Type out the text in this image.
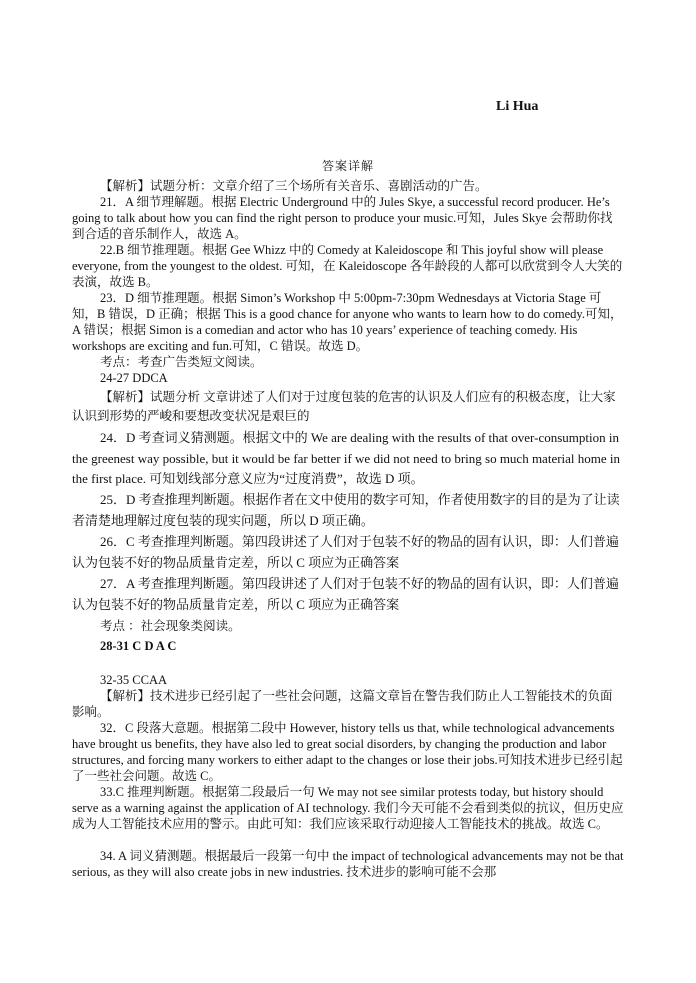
Li Hua
答案详解

【解析】试题分析：文章介绍了三个场所有关音乐、喜剧活动的广告。

21．A 细节理解题。根据 Electric Underground 中的 Jules Skye, a successful record producer. He’s going to talk about how you can find the right person to produce your music.可知，Jules Skye 会帮助你找到合适的音乐制作人，故选 A。

22.B 细节推理题。根据 Gee Whizz 中的 Comedy at Kaleidoscope 和 This joyful show will please everyone, from the youngest to the oldest. 可知，在 Kaleidoscope 各年龄段的人都可以欣赏到令人大笑的表演，故选 B。

23．D 细节推理题。根据 Simon’s Workshop 中 5:00pm-7:30pm Wednesdays at Victoria Stage 可知，B 错误，D 正确；根据 This is a good chance for anyone who wants to learn how to do comedy.可知，A 错误；根据 Simon is a comedian and actor who has 10 years’ experience of teaching comedy. His workshops are exciting and fun.可知，C 错误。故选 D。

考点：考查广告类短文阅读。

24-27 DDCA

【解析】试题分析 文章讲述了人们对于过度包装的危害的认识及人们应有的积极态度，让大家认识到形势的严峻和要想改变状况是艰巨的

24．D 考查词义猜测题。根据文中的 We are dealing with the results of that over-consumption in the greenest way possible, but it would be far better if we did not need to bring so much material home in the first place. 可知划线部分意义应为“过度消费”，故选 D 项。

25．D 考查推理判断题。根据作者在文中使用的数字可知，作者使用数字的目的是为了让读者清楚地理解过度包装的现实问题，所以 D 项正确。

26．C 考查推理判断题。第四段讲述了人们对于包装不好的物品的固有认识，即：人们普遍认为包装不好的物品质量肯定差，所以 C 项应为正确答案

27．A 考查推理判断题。第四段讲述了人们对于包装不好的物品的固有认识，即：人们普遍认为包装不好的物品质量肯定差，所以 C 项应为正确答案

考点 ：社会现象类阅读。

28-31 C D A C

32-35 CCAA

【解析】技术进步已经引起了一些社会问题，这篇文章旨在警告我们防止人工智能技术的负面影响。

32．C 段落大意题。根据第二段中 However, history tells us that, while technological advancements have brought us benefits, they have also led to great social disorders, by changing the production and labor structures, and forcing many workers to either adapt to the changes or lose their jobs.可知技术进步已经引起了一些社会问题。故选 C。

33.C 推理判断题。根据第二段最后一句 We may not see similar protests today, but history should serve as a warning against the application of AI technology. 我们今天可能不会看到类似的抗议，但历史应成为人工智能技术应用的警示。由此可知：我们应该采取行动迎接人工智能技术的挑战。故选 C。

34. A 词义猜测题。根据最后一段第一句中 the impact of technological advancements may not be that serious, as they will also create jobs in new industries. 技术进步的影响可能不会那
